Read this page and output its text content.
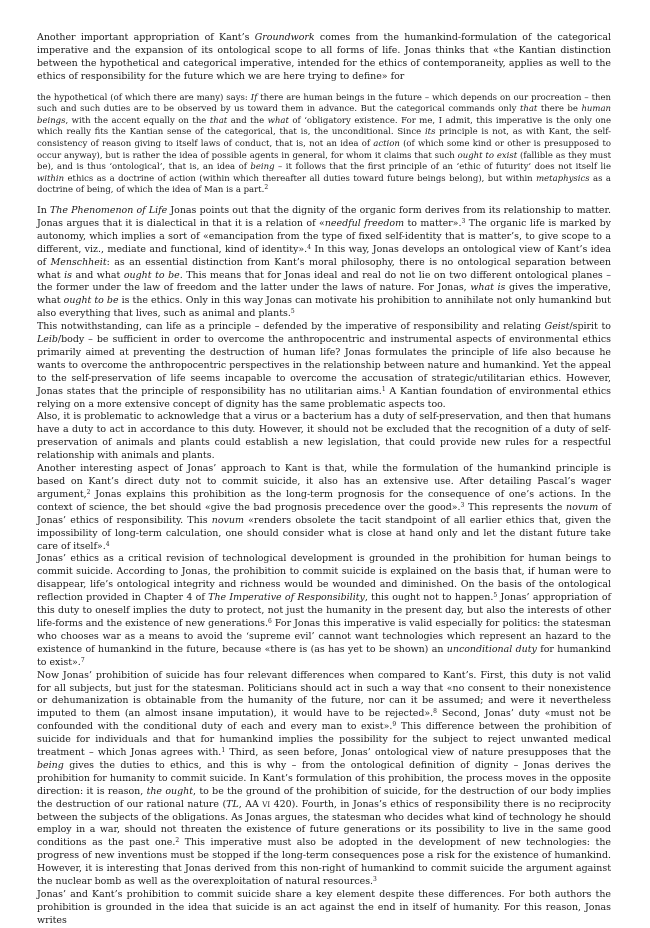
Another important appropriation of Kant’s Groundwork comes from the humankind-formulation of the categorical imperative and the expansion of its ontological scope to all forms of life. Jonas thinks that «the Kantian distinction between the hypothetical and categorical imperative, intended for the ethics of contemporaneity, applies as well to the ethics of responsibility for the future which we are here trying to define» for

the hypothetical (of which there are many) says: If there are human beings in the future – which depends on our procreation – then such and such duties are to be observed by us toward them in advance. But the categorical commands only that there be human beings, with the accent equally on the that and the what of ‘obligatory existence. For me, I admit, this imperative is the only one which really fits the Kantian sense of the categorical, that is, the unconditional. Since its principle is not, as with Kant, the self-consistency of reason giving to itself laws of conduct, that is, not an idea of action (of which some kind or other is presupposed to occur anyway), but is rather the idea of possible agents in general, for whom it claims that such ought to exist (fallible as they must be), and is thus ‘ontological’, that is, an idea of being – it follows that the first principle of an ‘ethic of futurity’ does not itself lie within ethics as a doctrine of action (within which thereafter all duties toward future beings belong), but within metaphysics as a doctrine of being, of which the idea of Man is a part.$^2$

In The Phenomenon of Life Jonas points out that the dignity of the organic form derives from its relationship to matter. Jonas argues that it is dialectical in that it is a relation of «needful freedom to matter».$^3$ The organic life is marked by autonomy, which implies a sort of «emancipation from the type of fixed self-identity that is matter’s, to give scope to a different, viz., mediate and functional, kind of identity».$^4$ In this way, Jonas develops an ontological view of Kant’s idea of Menschheit: as an essential distinction from Kant’s moral philosophy, there is no ontological separation between what is and what ought to be. This means that for Jonas ideal and real do not lie on two different ontological planes – the former under the law of freedom and the latter under the laws of nature. For Jonas, what is gives the imperative, what ought to be is the ethics. Only in this way Jonas can motivate his prohibition to annihilate not only humankind but also everything that lives, such as animal and plants.$^5$

This notwithstanding, can life as a principle – defended by the imperative of responsibility and relating Geist/spirit to Leib/body – be sufficient in order to overcome the anthropocentric and instrumental aspects of environmental ethics primarily aimed at preventing the destruction of human life? Jonas formulates the principle of life also because he wants to overcome the anthropocentric perspectives in the relationship between nature and humankind. Yet the appeal to the self-preservation of life seems incapable to overcome the accusation of strategic/utilitarian ethics. However, Jonas states that the principle of responsibility has no utilitarian aims.$^1$ A Kantian foundation of environmental ethics relying on a more extensive concept of dignity has the same problematic aspects too.

Also, it is problematic to acknowledge that a virus or a bacterium has a duty of self-preservation, and then that humans have a duty to act in accordance to this duty. However, it should not be excluded that the recognition of a duty of self-preservation of animals and plants could establish a new legislation, that could provide new rules for a respectful relationship with animals and plants.

Another interesting aspect of Jonas’ approach to Kant is that, while the formulation of the humankind principle is based on Kant’s direct duty not to commit suicide, it also has an extensive use. After detailing Pascal’s wager argument,$^2$ Jonas explains this prohibition as the long-term prognosis for the consequence of one’s actions. In the context of science, the bet should «give the bad prognosis precedence over the good».$^3$ This represents the novum of Jonas’ ethics of responsibility. This novum «renders obsolete the tacit standpoint of all earlier ethics that, given the impossibility of long-term calculation, one should consider what is close at hand only and let the distant future take care of itself».$^4$

Jonas’ ethics as a critical revision of technological development is grounded in the prohibition for human beings to commit suicide. According to Jonas, the prohibition to commit suicide is explained on the basis that, if human were to disappear, life’s ontological integrity and richness would be wounded and diminished. On the basis of the ontological reflection provided in Chapter 4 of The Imperative of Responsibility, this ought not to happen.$^5$ Jonas’ appropriation of this duty to oneself implies the duty to protect, not just the humanity in the present day, but also the interests of other life-forms and the existence of new generations.$^6$ For Jonas this imperative is valid especially for politics: the statesman who chooses war as a means to avoid the ‘supreme evil’ cannot want technologies which represent an hazard to the existence of humankind in the future, because «there is (as has yet to be shown) an unconditional duty for humankind to exist».$^7$

Now Jonas’ prohibition of suicide has four relevant differences when compared to Kant’s. First, this duty is not valid for all subjects, but just for the statesman. Politicians should act in such a way that «no consent to their nonexistence or dehumanization is obtainable from the humanity of the future, nor can it be assumed; and were it nevertheless imputed to them (an almost insane imputation), it would have to be rejected».$^8$ Second, Jonas’ duty «must not be confounded with the conditional duty of each and every man to exist».$^9$ This difference between the prohibition of suicide for individuals and that for humankind implies the possibility for the subject to reject unwanted medical treatment – which Jonas agrees with.$^1$ Third, as seen before, Jonas’ ontological view of nature presupposes that the being gives the duties to ethics, and this is why – from the ontological definition of dignity – Jonas derives the prohibition for humanity to commit suicide. In Kant’s formulation of this prohibition, the process moves in the opposite direction: it is reason, the ought, to be the ground of the prohibition of suicide, for the destruction of our body implies the destruction of our rational nature (TL, AA vi 420). Fourth, in Jonas’s ethics of responsibility there is no reciprocity between the subjects of the obligations. As Jonas argues, the statesman who decides what kind of technology he should employ in a war, should not threaten the existence of future generations or its possibility to live in the same good conditions as the past one.$^2$ This imperative must also be adopted in the development of new technologies: the progress of new inventions must be stopped if the long-term consequences pose a risk for the existence of humankind. However, it is interesting that Jonas derived from this non-right of humankind to commit suicide the argument against the nuclear bomb as well as the overexploitation of natural resources.$^3$

Jonas’ and Kant’s prohibition to commit suicide share a key element despite these differences. For both authors the prohibition is grounded in the idea that suicide is an act against the end in itself of humanity. For this reason, Jonas writes
